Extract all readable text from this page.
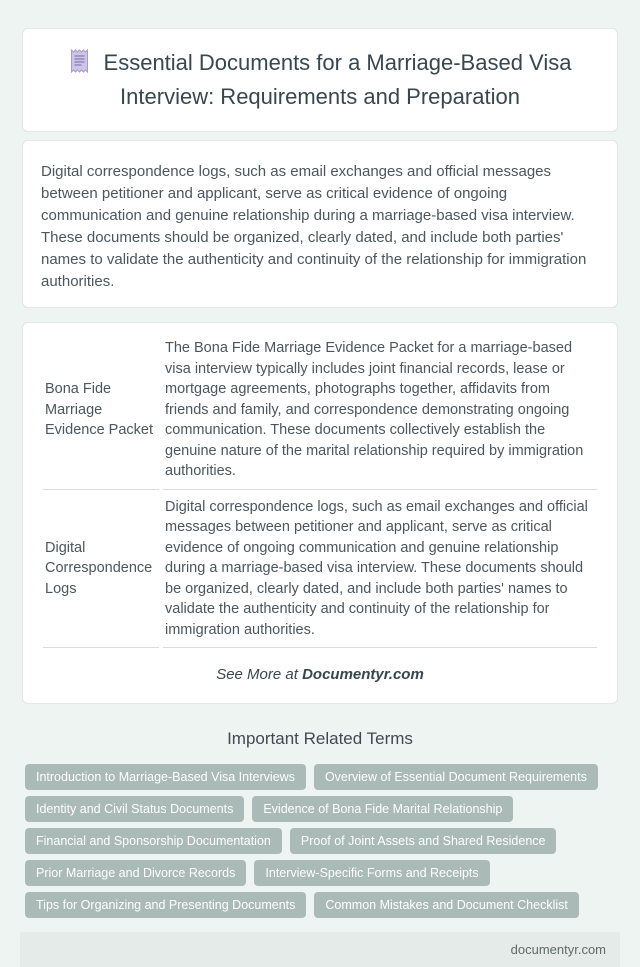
Essential Documents for a Marriage-Based Visa Interview: Requirements and Preparation

Digital correspondence logs, such as email exchanges and official messages between petitioner and applicant, serve as critical evidence of ongoing communication and genuine relationship during a marriage-based visa interview. These documents should be organized, clearly dated, and include both parties' names to validate the authenticity and continuity of the relationship for immigration authorities.

Bona Fide Marriage Evidence Packet	The Bona Fide Marriage Evidence Packet for a marriage-based visa interview typically includes joint financial records, lease or mortgage agreements, photographs together, affidavits from friends and family, and correspondence demonstrating ongoing communication. These documents collectively establish the genuine nature of the marital relationship required by immigration authorities.
Digital Correspondence Logs	Digital correspondence logs, such as email exchanges and official messages between petitioner and applicant, serve as critical evidence of ongoing communication and genuine relationship during a marriage-based visa interview. These documents should be organized, clearly dated, and include both parties' names to validate the authenticity and continuity of the relationship for immigration authorities.
See More at Documentyr.com
Important Related Terms
Introduction to Marriage-Based Visa Interviews	Overview of Essential Document Requirements
Identity and Civil Status Documents	Evidence of Bona Fide Marital Relationship
Financial and Sponsorship Documentation	Proof of Joint Assets and Shared Residence
Prior Marriage and Divorce Records	Interview-Specific Forms and Receipts
Tips for Organizing and Presenting Documents	Common Mistakes and Document Checklist
documentyr.com
